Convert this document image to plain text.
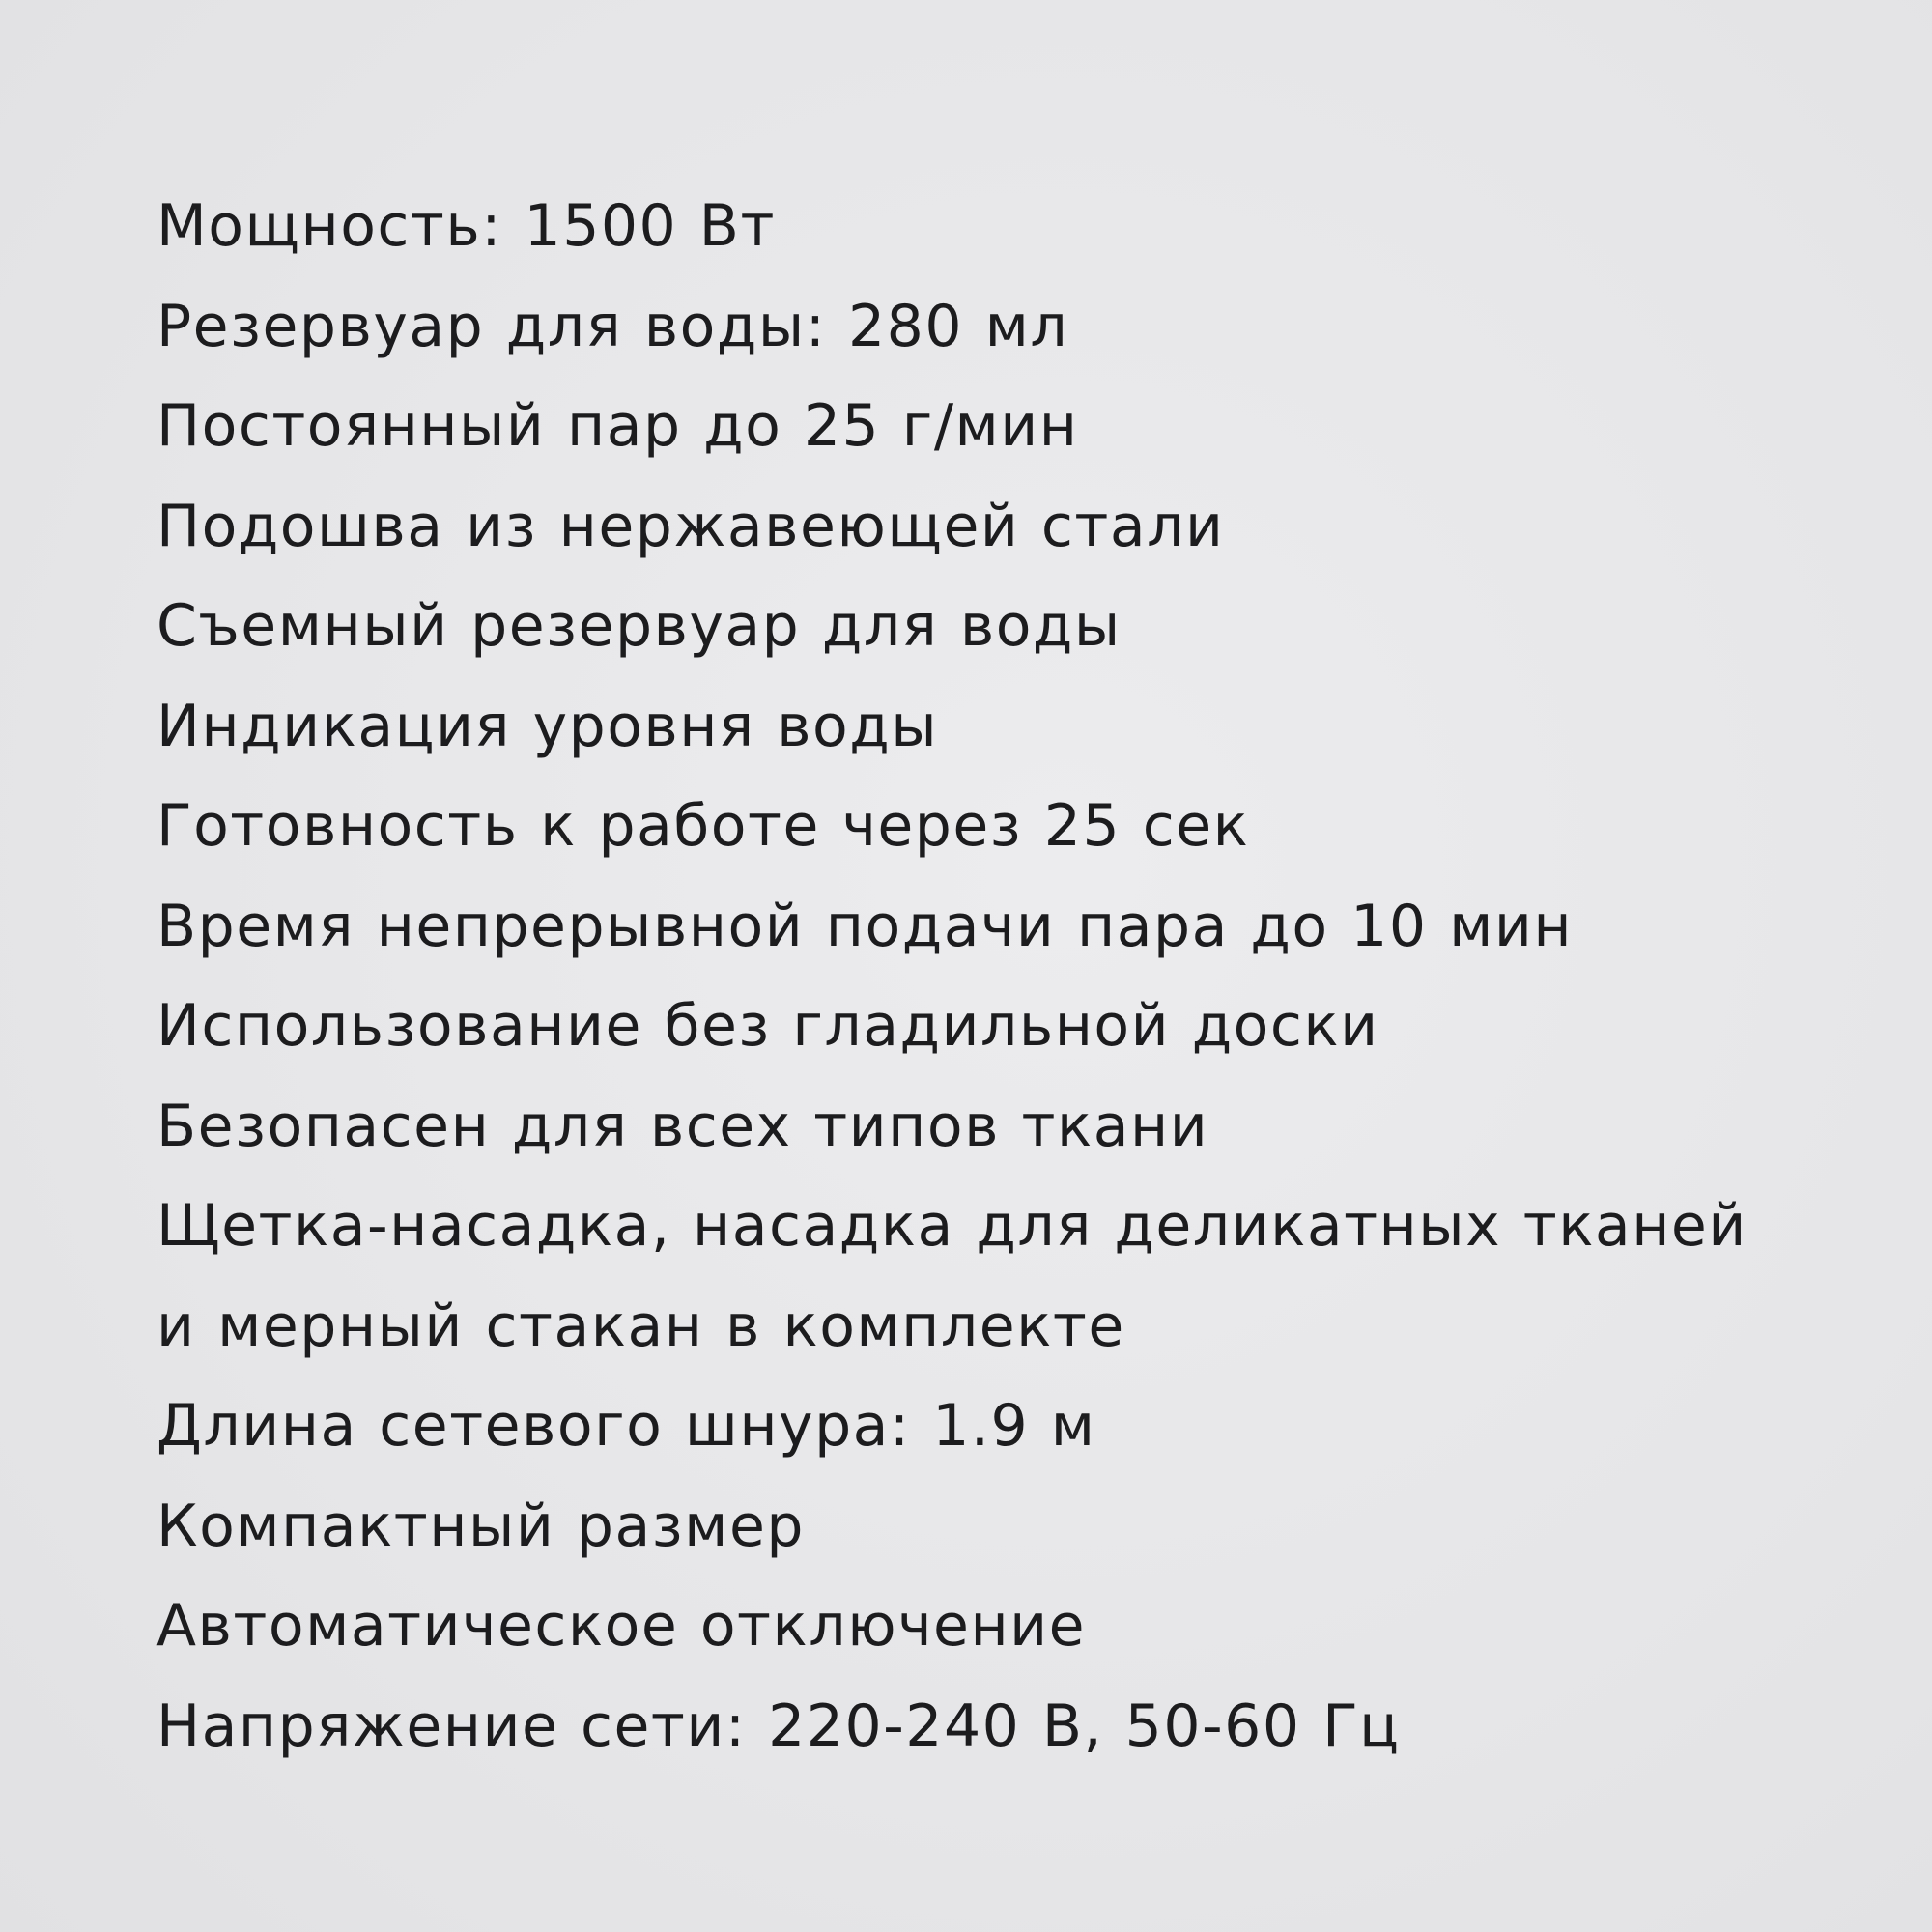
Мощность: 1500 Вт
Резервуар для воды: 280 мл
Постоянный пар до 25 г/мин
Подошва из нержавеющей стали
Съемный резервуар для воды
Индикация уровня воды
Готовность к работе через 25 сек
Время непрерывной подачи пара до 10 мин
Использование без гладильной доски
Безопасен для всех типов ткани
Щетка-насадка, насадка для деликатных тканей
и мерный стакан в комплекте
Длина сетевого шнура: 1.9 м
Компактный размер
Автоматическое отключение
Напряжение сети: 220-240 В, 50-60 Гц
